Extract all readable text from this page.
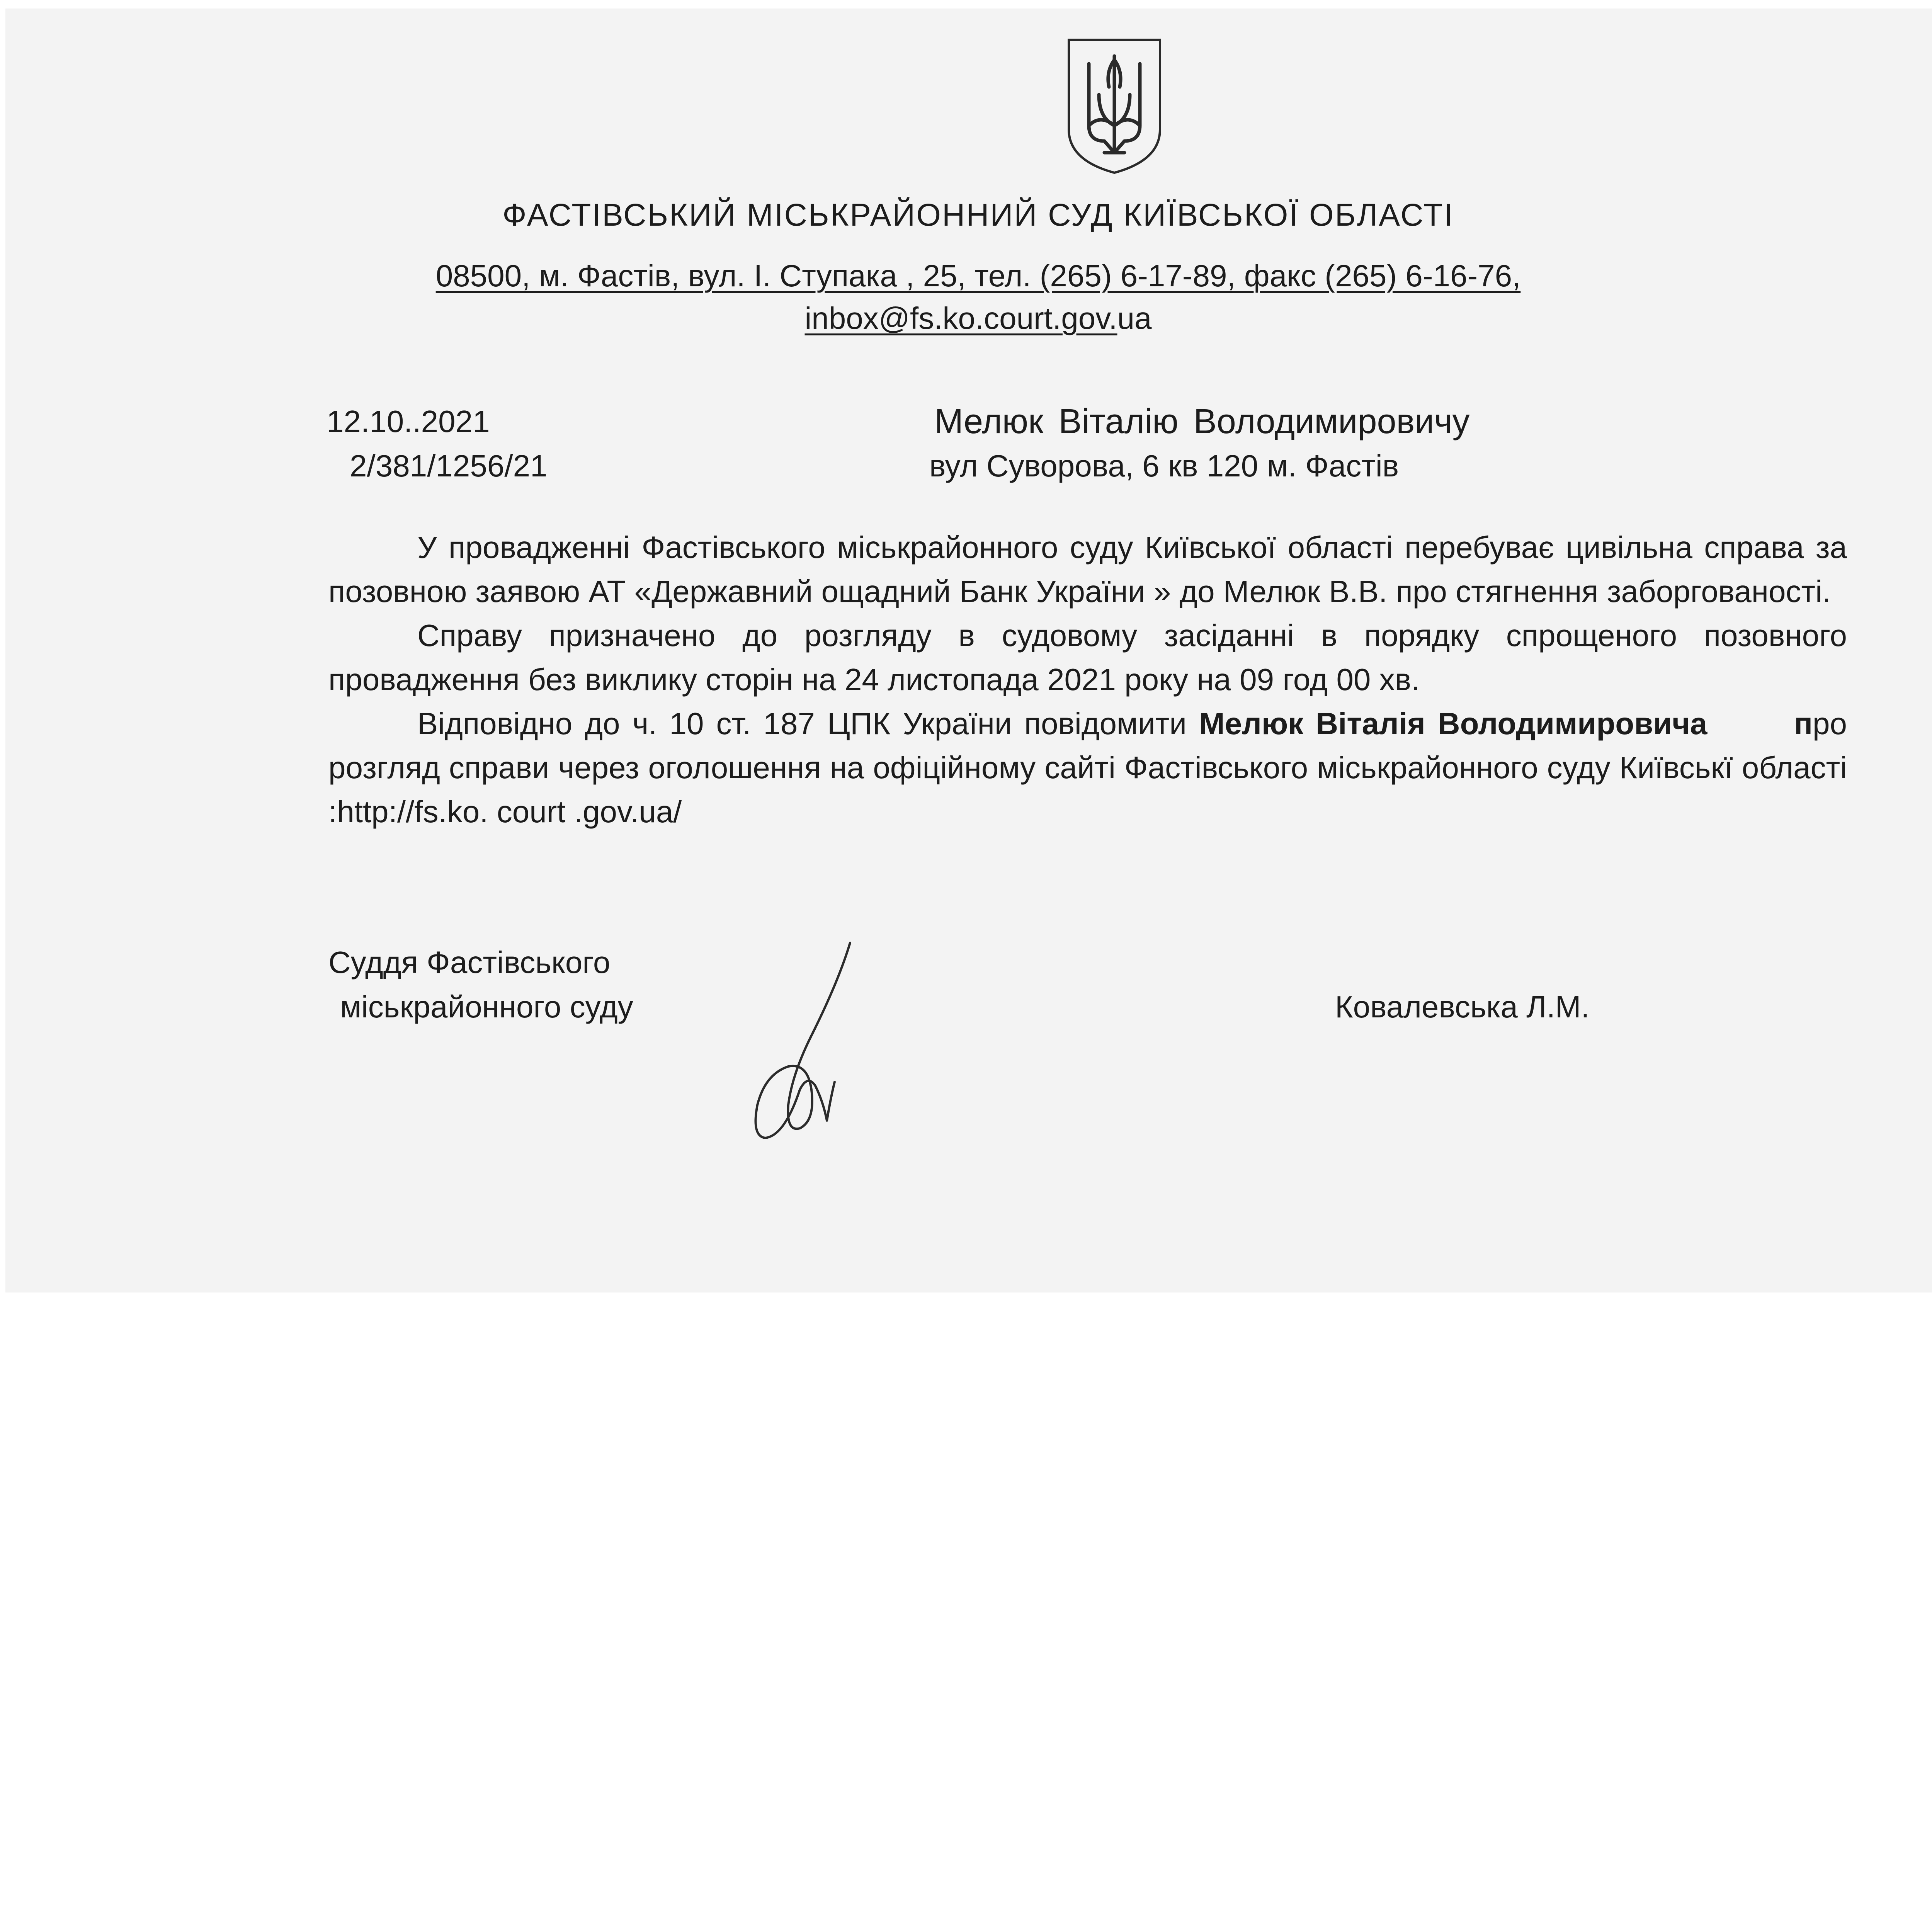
ФАСТІВСЬКИЙ МІСЬКРАЙОННИЙ СУД КИЇВСЬКОЇ ОБЛАСТІ
08500, м. Фастів, вул. І. Ступака , 25, тел. (265) 6-17-89, факс (265) 6-16-76,
inbox@fs.ko.court.gov.ua
12.10..2021
2/381/1256/21
Мелюк Віталію Володимировичу
вул Суворова, 6 кв 120 м. Фастів

У провадженні Фастівського міськрайонного суду Київської області перебуває цивільна справа за позовною заявою АТ «Державний ощадний Банк України » до Мелюк В.В. про стягнення заборгованості.

Справу призначено до розгляду в судовому засіданні в порядку спрощеного позовного провадження без виклику сторін на 24 листопада 2021 року на 09 год 00 хв.

Відповідно до ч. 10 ст. 187 ЦПК України повідомити Мелюк Віталія Володимировича	про розгляд справи через оголошення на офіційному сайті Фастівського міськрайонного суду Київськї області :http://fs.ko. court .gov.ua/

Суддя Фастівського
міськрайонного суду	Ковалевська Л.М.
